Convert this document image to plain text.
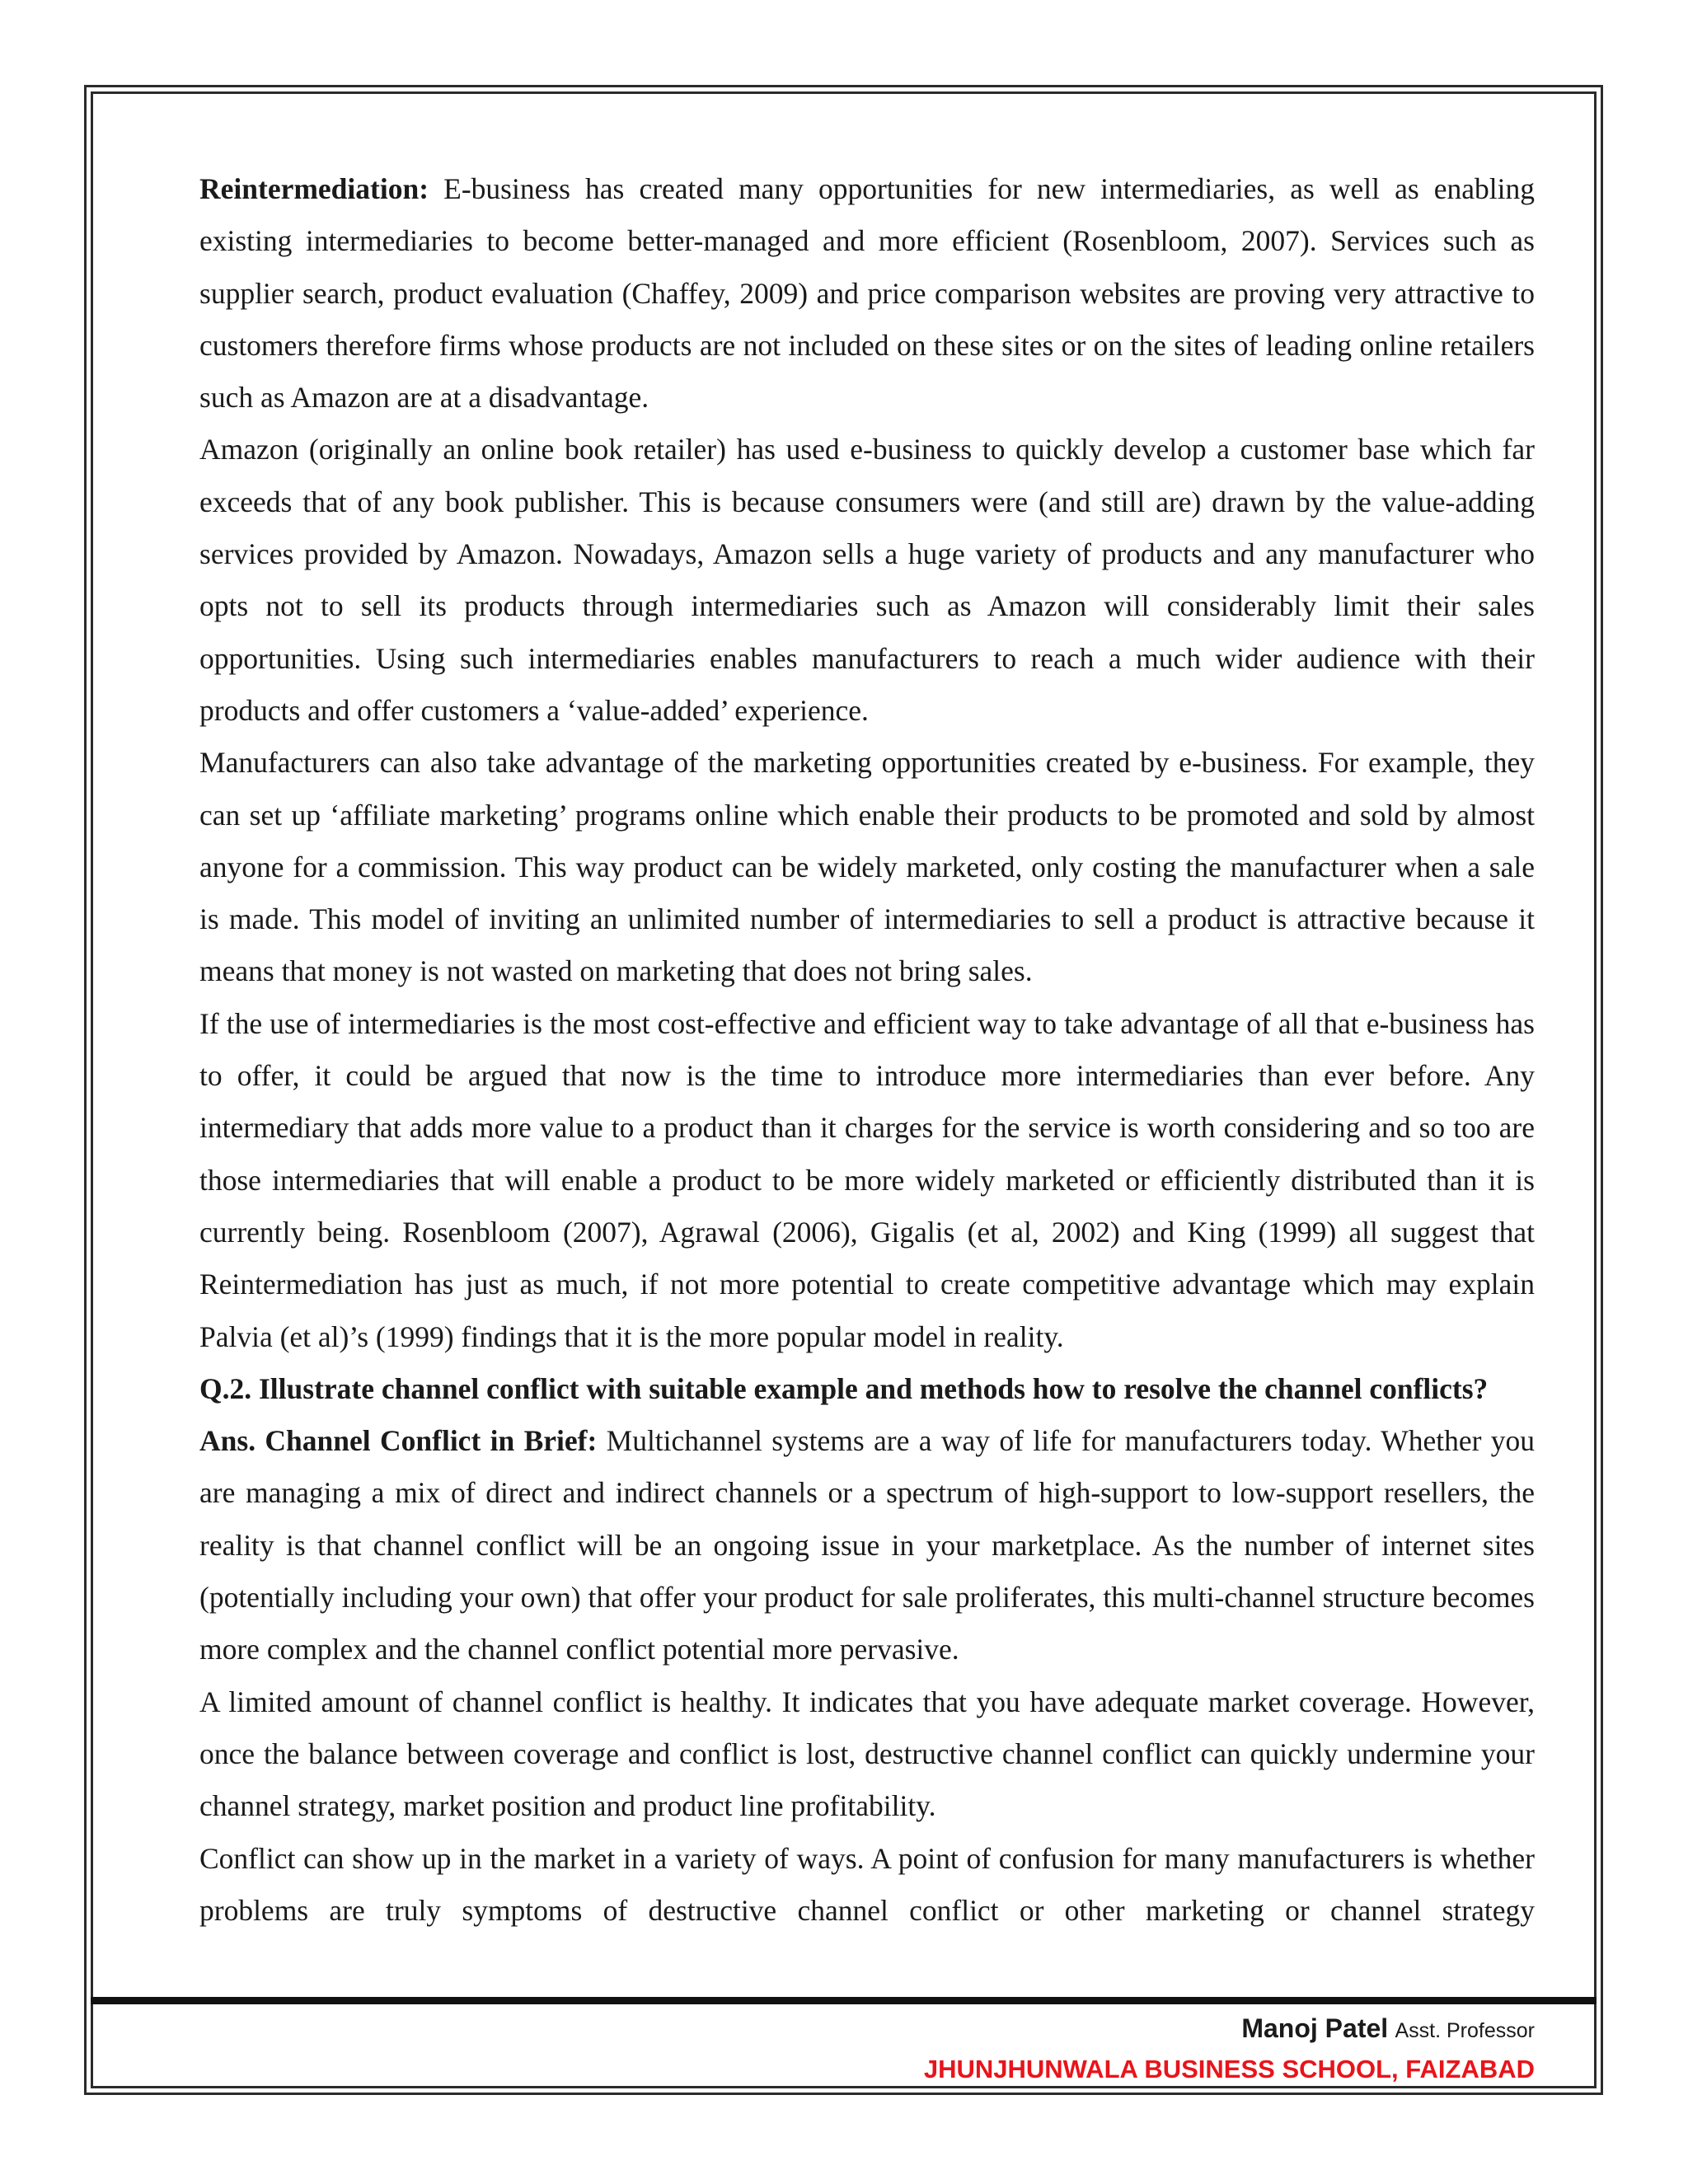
Reintermediation: E-business has created many opportunities for new intermediaries, as well as enabling existing intermediaries to become better-managed and more efficient (Rosenbloom, 2007). Services such as supplier search, product evaluation (Chaffey, 2009) and price comparison websites are proving very attractive to customers therefore firms whose products are not included on these sites or on the sites of leading online retailers such as Amazon are at a disadvantage.

Amazon (originally an online book retailer) has used e-business to quickly develop a customer base which far exceeds that of any book publisher. This is because consumers were (and still are) drawn by the value-adding services provided by Amazon. Nowadays, Amazon sells a huge variety of products and any manufacturer who opts not to sell its products through intermediaries such as Amazon will considerably limit their sales opportunities. Using such intermediaries enables manufacturers to reach a much wider audience with their products and offer customers a ‘value-added’ experience.

Manufacturers can also take advantage of the marketing opportunities created by e-business. For example, they can set up ‘affiliate marketing’ programs online which enable their products to be promoted and sold by almost anyone for a commission. This way product can be widely marketed, only costing the manufacturer when a sale is made. This model of inviting an unlimited number of intermediaries to sell a product is attractive because it means that money is not wasted on marketing that does not bring sales.

If the use of intermediaries is the most cost-effective and efficient way to take advantage of all that e-business has to offer, it could be argued that now is the time to introduce more intermediaries than ever before. Any intermediary that adds more value to a product than it charges for the service is worth considering and so too are those intermediaries that will enable a product to be more widely marketed or efficiently distributed than it is currently being. Rosenbloom (2007), Agrawal (2006), Gigalis (et al, 2002) and King (1999) all suggest that Reintermediation has just as much, if not more potential to create competitive advantage which may explain Palvia (et al)’s (1999) findings that it is the more popular model in reality.

Q.2. Illustrate channel conflict with suitable example and methods how to resolve the channel conflicts?

Ans. Channel Conflict in Brief: Multichannel systems are a way of life for manufacturers today. Whether you are managing a mix of direct and indirect channels or a spectrum of high-support to low-support resellers, the reality is that channel conflict will be an ongoing issue in your marketplace. As the number of internet sites (potentially including your own) that offer your product for sale proliferates, this multi-channel structure becomes more complex and the channel conflict potential more pervasive.

A limited amount of channel conflict is healthy. It indicates that you have adequate market coverage. However, once the balance between coverage and conflict is lost, destructive channel conflict can quickly undermine your channel strategy, market position and product line profitability.

Conflict can show up in the market in a variety of ways. A point of confusion for many manufacturers is whether problems are truly symptoms of destructive channel conflict or other marketing or channel strategy

Manoj Patel Asst. Professor
JHUNJHUNWALA BUSINESS SCHOOL, FAIZABAD
